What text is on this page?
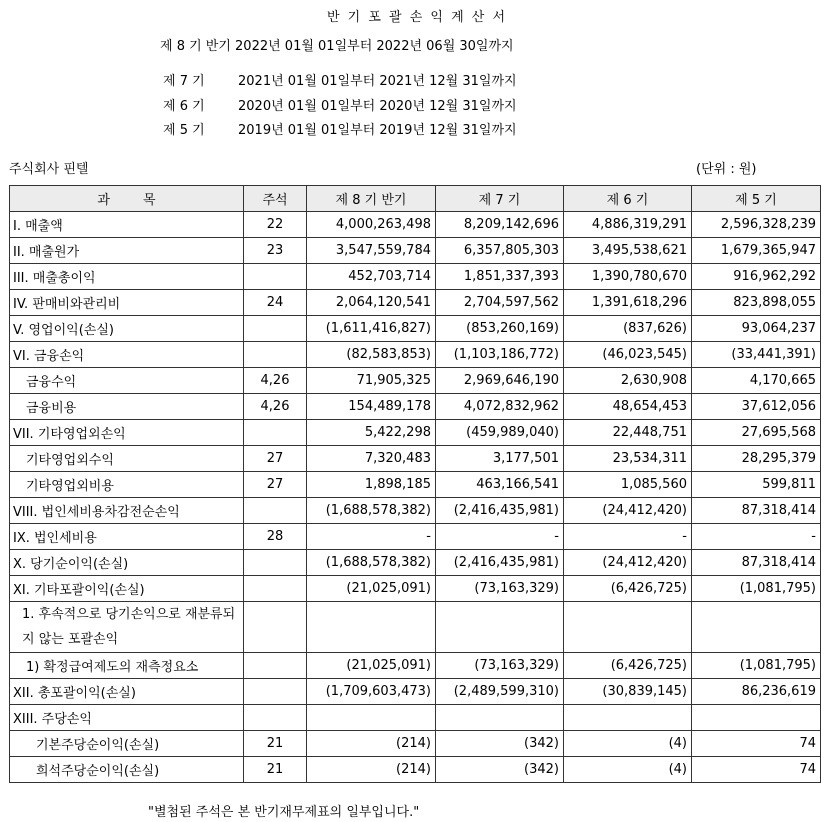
반 기 포 괄 손 익 계 산 서
제 8 기 반기 2022년 01월 01일부터 2022년 06월 30일까지
제 7 기	2021년 01월 01일부터 2021년 12월 31일까지
제 6 기	2020년 01월 01일부터 2020년 12월 31일까지
제 5 기	2019년 01월 01일부터 2019년 12월 31일까지
주식회사 핀텔	(단위 : 원)
과        목	주석	제 8 기 반기	제 7 기	제 6 기	제 5 기
I. 매출액	22	4,000,263,498	8,209,142,696	4,886,319,291	2,596,328,239
II. 매출원가	23	3,547,559,784	6,357,805,303	3,495,538,621	1,679,365,947
III. 매출총이익		452,703,714	1,851,337,393	1,390,780,670	916,962,292
IV. 판매비와관리비	24	2,064,120,541	2,704,597,562	1,391,618,296	823,898,055
V. 영업이익(손실)		(1,611,416,827)	(853,260,169)	(837,626)	93,064,237
VI. 금융손익		(82,583,853)	(1,103,186,772)	(46,023,545)	(33,441,391)
금융수익	4,26	71,905,325	2,969,646,190	2,630,908	4,170,665
금융비용	4,26	154,489,178	4,072,832,962	48,654,453	37,612,056
VII. 기타영업외손익		5,422,298	(459,989,040)	22,448,751	27,695,568
기타영업외수익	27	7,320,483	3,177,501	23,534,311	28,295,379
기타영업외비용	27	1,898,185	463,166,541	1,085,560	599,811
VIII. 법인세비용차감전순손익		(1,688,578,382)	(2,416,435,981)	(24,412,420)	87,318,414
IX. 법인세비용	28	-	-	-	-
X. 당기순이익(손실)		(1,688,578,382)	(2,416,435,981)	(24,412,420)	87,318,414
XI. 기타포괄이익(손실)		(21,025,091)	(73,163,329)	(6,426,725)	(1,081,795)
1. 후속적으로 당기손익으로 재분류되지 않는 포괄손익					
1) 확정급여제도의 재측정요소		(21,025,091)	(73,163,329)	(6,426,725)	(1,081,795)
XII. 총포괄이익(손실)		(1,709,603,473)	(2,489,599,310)	(30,839,145)	86,236,619
XIII. 주당손익					
기본주당순이익(손실)	21	(214)	(342)	(4)	74
희석주당순이익(손실)	21	(214)	(342)	(4)	74
"별첨된 주석은 본 반기재무제표의 일부입니다."
